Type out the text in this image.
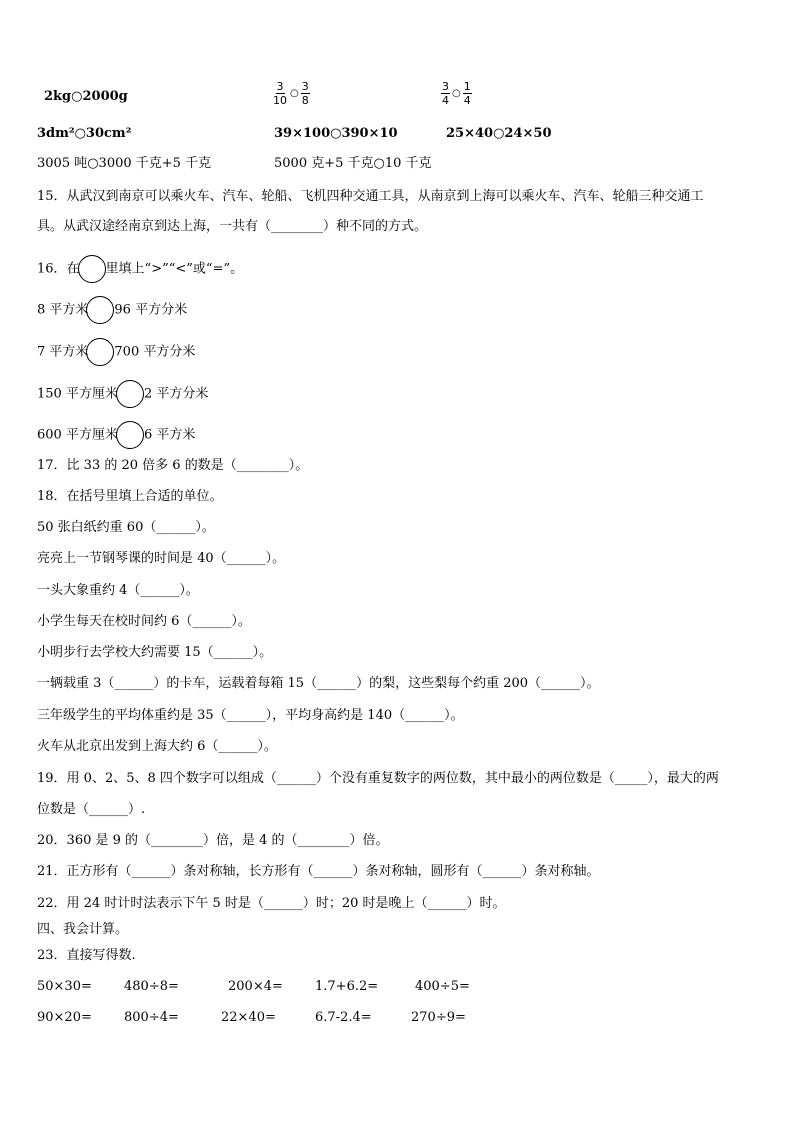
2kg○2000g	$\frac{3}{10}$ ○ $\frac{3}{8}$	$\frac{3}{4}$ ○ $\frac{1}{4}$
3dm²○30cm²	39×100○390×10	25×40○24×50
3005 吨○3000 千克+5 千克	5000 克+5 千克○10 千克
15．从武汉到南京可以乘火车、汽车、轮船、飞机四种交通工具，从南京到上海可以乘火车、汽车、轮船三种交通工
具。从武汉途经南京到达上海，一共有（________）种不同的方式。
16．在 里填上“>”“<”或“=”。
8 平方米 96 平方分米
7 平方米 700 平方分米
150 平方厘米 2 平方分米
600 平方厘米 6 平方米
17．比 33 的 20 倍多 6 的数是（________）。
18．在括号里填上合适的单位。
50 张白纸约重 60（______）。
亮亮上一节钢琴课的时间是 40（______）。
一头大象重约 4（______）。
小学生每天在校时间约 6（______）。
小明步行去学校大约需要 15（______）。
一辆载重 3（______）的卡车，运载着每箱 15（______）的梨，这些梨每个约重 200（______）。
三年级学生的平均体重约是 35（______），平均身高约是 140（______）。
火车从北京出发到上海大约 6（______）。
19．用 0、2、5、8 四个数字可以组成（______）个没有重复数字的两位数，其中最小的两位数是（_____），最大的两
位数是（______）.
20．360 是 9 的（________）倍，是 4 的（________）倍。
21．正方形有（______）条对称轴，长方形有（______）条对称轴，圆形有（______）条对称轴。
22．用 24 时计时法表示下午 5 时是（______）时；20 时是晚上（______）时。
四、我会计算。
23．直接写得数.
50×30= 480÷8=	200×4= 1.7+6.2=	400÷5=
90×20= 800÷4=	22×40=	6.7-2.4=	270÷9=
